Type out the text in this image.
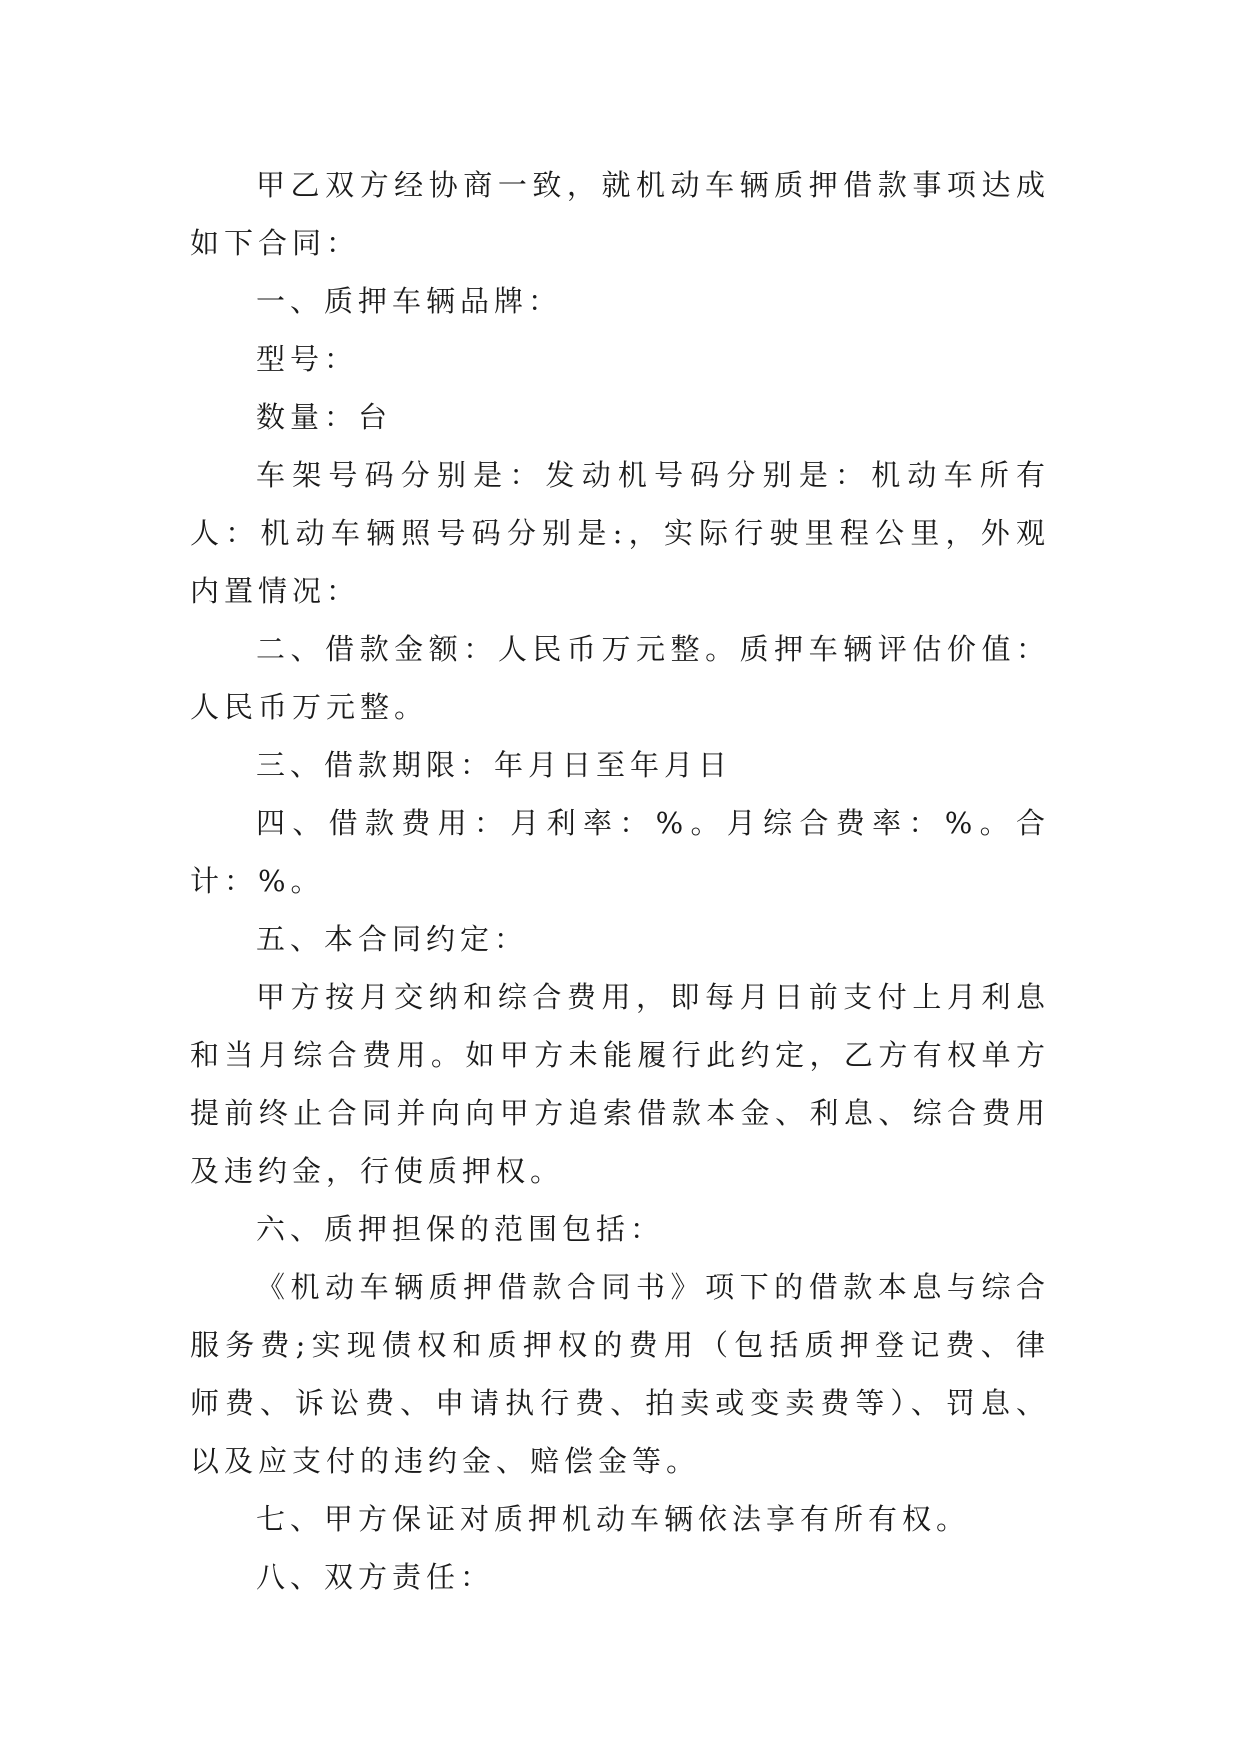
甲乙双方经协商一致，就机动车辆质押借款事项达成如下合同：

一、质押车辆品牌：

型号：

数量：台

车架号码分别是：发动机号码分别是：机动车所有人：机动车辆照号码分别是:，实际行驶里程公里，外观内置情况：

二、借款金额：人民币万元整。质押车辆评估价值：人民币万元整。

三、借款期限：年月日至年月日

四、借款费用：月利率：%。月综合费率：%。合计：%。

五、本合同约定：

甲方按月交纳和综合费用，即每月日前支付上月利息和当月综合费用。如甲方未能履行此约定，乙方有权单方提前终止合同并向向甲方追索借款本金、利息、综合费用及违约金，行使质押权。

六、质押担保的范围包括：

《机动车辆质押借款合同书》项下的借款本息与综合服务费;实现债权和质押权的费用（包括质押登记费、律师费、诉讼费、申请执行费、拍卖或变卖费等）、罚息、以及应支付的违约金、赔偿金等。

七、甲方保证对质押机动车辆依法享有所有权。

八、双方责任：
